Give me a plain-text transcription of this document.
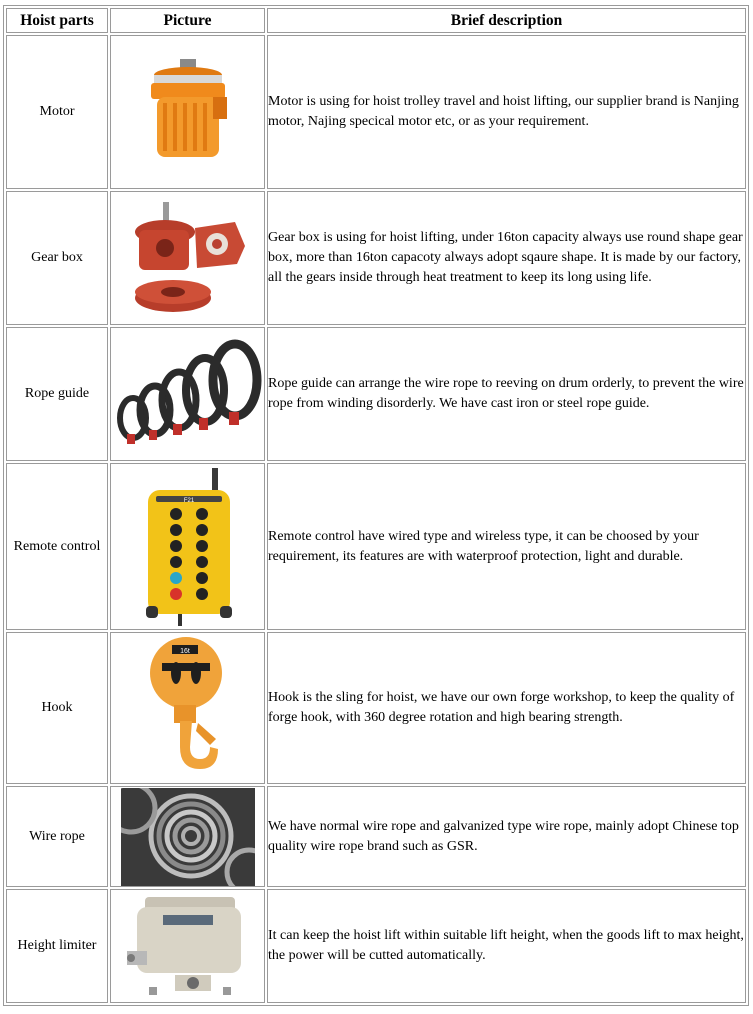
Hoist parts	Picture	Brief description
Motor		Motor is using for hoist trolley travel and hoist lifting, our supplier brand is Nanjing motor, Najing specical motor etc, or as your requirement.
Gear box		Gear box is using for hoist lifting, under 16ton capacity always use round shape gear box, more than 16ton capacoty always adopt sqaure shape. It is made by our factory, all the gears inside through heat treatment to keep its long using life.
Rope guide		Rope guide can arrange the wire rope to reeving on drum orderly, to prevent the wire rope from winding disorderly. We have cast iron or steel rope guide.
Remote control	F21	Remote control have wired type and wireless type, it can be choosed by your requirement, its features are with waterproof protection, light and durable.
Hook	16t	Hook is the sling for hoist, we have our own forge workshop, to keep the quality of forge hook, with 360 degree rotation and high bearing strength.
Wire rope		We have normal wire rope and galvanized type wire rope, mainly adopt Chinese top quality wire rope brand such as GSR.
Height limiter		It can keep the hoist lift within suitable lift height, when the goods lift to max height, the power will be cutted automatically.
